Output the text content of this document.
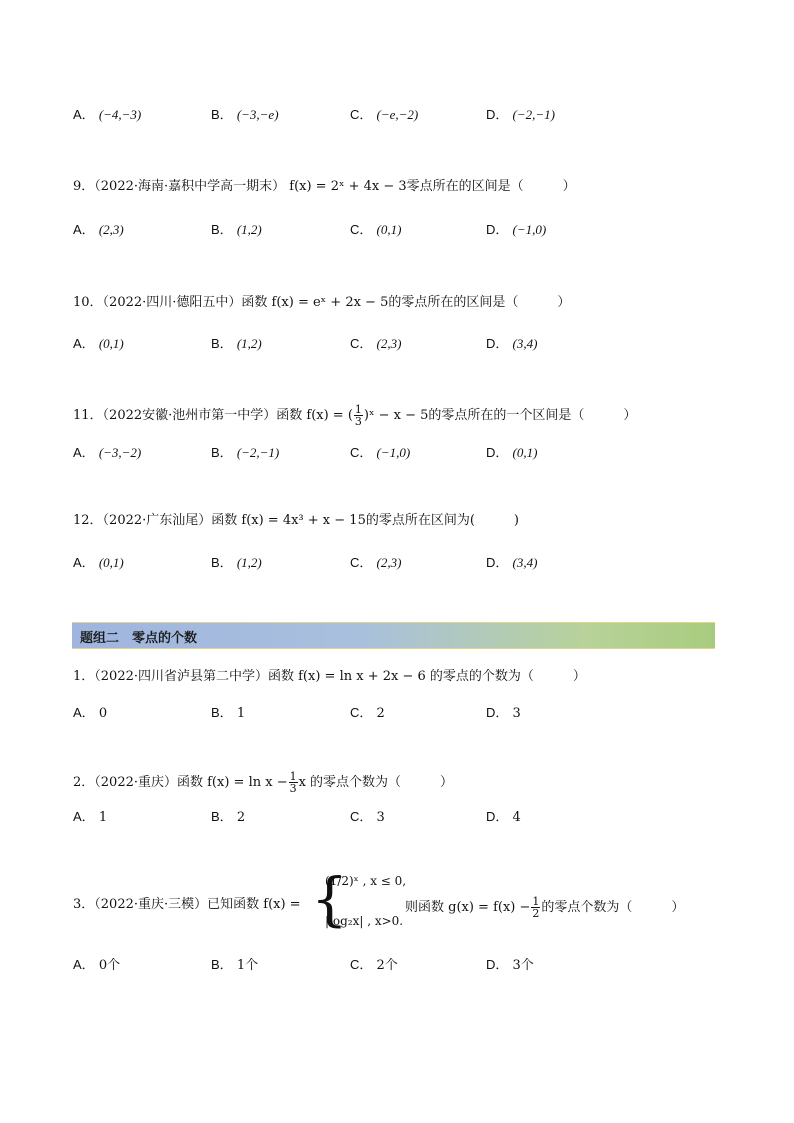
A． (−4,−3)	B． (−3,−e)	C． (−e,−2)	D． (−2,−1)
9．（2022·海南·嘉积中学高一期末） f(x) = 2ˣ + 4x − 3零点所在的区间是（　　　）
A． (2,3)	B． (1,2)	C． (0,1)	D． (−1,0)
10．（2022·四川·德阳五中）函数 f(x) = eˣ + 2x − 5的零点所在的区间是（　　　）
A． (0,1)	B． (1,2)	C． (2,3)	D． (3,4)
11．（2022安徽·池州市第一中学）函数 f(x) = ( $\frac{1}{3}$ )ˣ − x − 5的零点所在的一个区间是（　　　）
A． (−3,−2)	B． (−2,−1)	C． (−1,0)	D． (0,1)
12．（2022·广东汕尾）函数 f(x) = 4x³ + x − 15的零点所在区间为(　　　)
A． (0,1)	B． (1,2)	C． (2,3)	D． (3,4)
题组二　零点的个数
1．（2022·四川省泸县第二中学）函数 f(x) = ln x + 2x − 6 的零点的个数为（　　　）
A． 0	B． 1	C． 2	D． 3
2．（2022·重庆）函数 $f(x) = \ln x - \frac{1}{3}$ x 的零点个数为（　　　）
A． 1	B． 2	C． 3	D． 4
3．（2022·重庆·三模）已知函数 f(x) = {
(1/2)ˣ , x ≤ 0,
|log₂x| , x>0.
则函数 $g(x) = f(x) - \frac{1}{2}$ 的零点个数为（　　　）
A． 0个	B． 1个	C． 2个	D． 3个
